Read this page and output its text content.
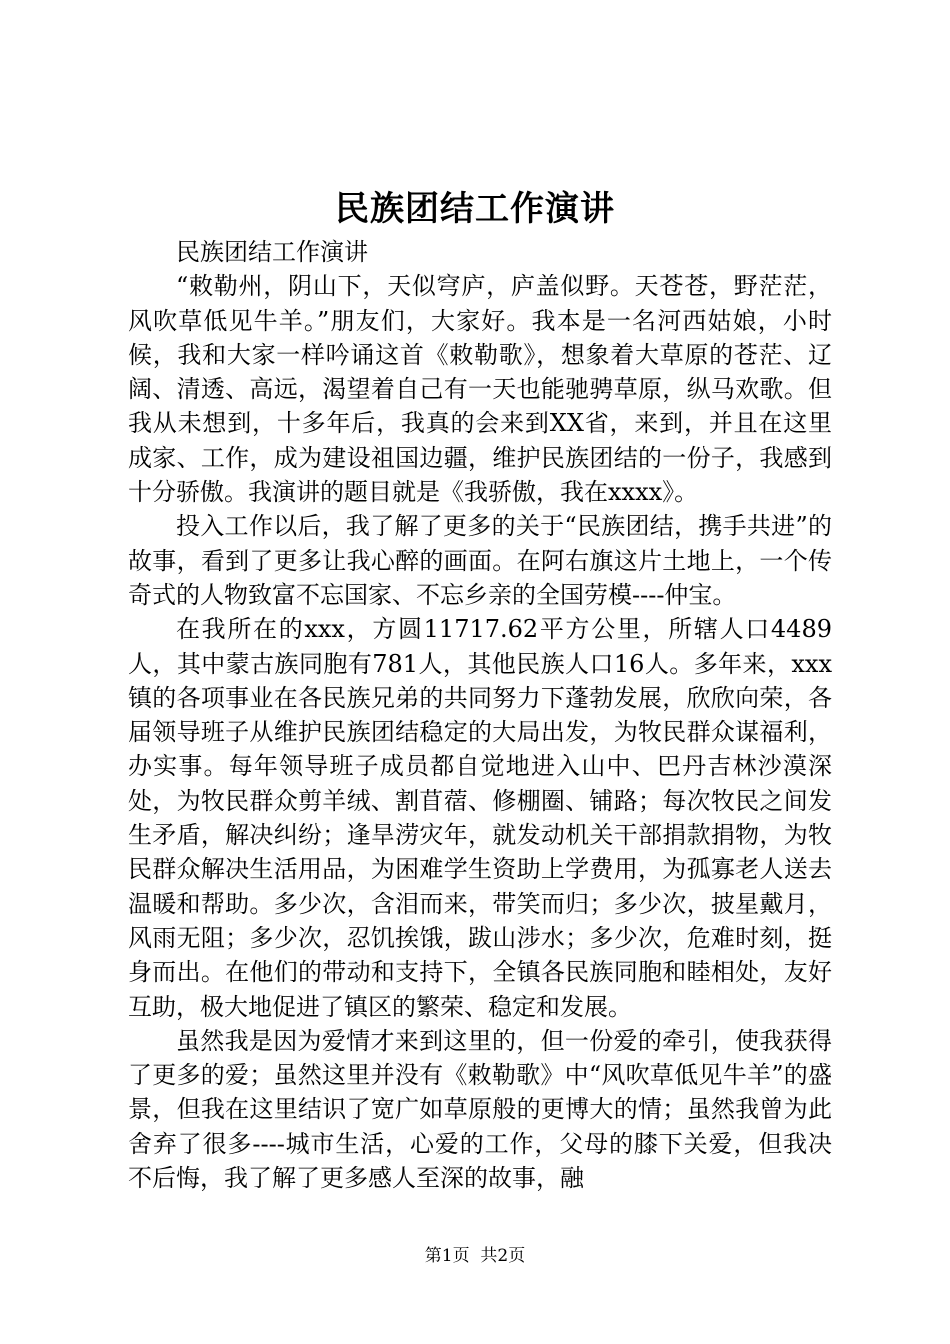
民族团结工作演讲

民族团结工作演讲

“敕勒州，阴山下，天似穹庐，庐盖似野。天苍苍，野茫茫，风吹草低见牛羊。”朋友们，大家好。我本是一名河西姑娘，小时候，我和大家一样吟诵这首《敕勒歌》，想象着大草原的苍茫、辽阔、清透、高远，渴望着自己有一天也能驰骋草原，纵马欢歌。但我从未想到，十多年后，我真的会来到XX省，来到，并且在这里成家、工作，成为建设祖国边疆，维护民族团结的一份子，我感到十分骄傲。我演讲的题目就是《我骄傲，我在xxxx》。

投入工作以后，我了解了更多的关于“民族团结，携手共进”的故事，看到了更多让我心醉的画面。在阿右旗这片土地上，一个传奇式的人物致富不忘国家、不忘乡亲的全国劳模----仲宝。

在我所在的xxx，方圆11717.62平方公里，所辖人口4489人，其中蒙古族同胞有781人，其他民族人口16人。多年来，xxx镇的各项事业在各民族兄弟的共同努力下蓬勃发展，欣欣向荣，各届领导班子从维护民族团结稳定的大局出发，为牧民群众谋福利，办实事。每年领导班子成员都自觉地进入山中、巴丹吉林沙漠深处，为牧民群众剪羊绒、割苜蓿、修棚圈、铺路；每次牧民之间发生矛盾，解决纠纷；逢旱涝灾年，就发动机关干部捐款捐物，为牧民群众解决生活用品，为困难学生资助上学费用，为孤寡老人送去温暖和帮助。多少次，含泪而来，带笑而归；多少次，披星戴月，风雨无阻；多少次，忍饥挨饿，跋山涉水；多少次，危难时刻，挺身而出。在他们的带动和支持下，全镇各民族同胞和睦相处，友好互助，极大地促进了镇区的繁荣、稳定和发展。

虽然我是因为爱情才来到这里的，但一份爱的牵引，使我获得了更多的爱；虽然这里并没有《敕勒歌》中“风吹草低见牛羊”的盛景，但我在这里结识了宽广如草原般的更博大的情；虽然我曾为此舍弃了很多----城市生活，心爱的工作，父母的膝下关爱，但我决不后悔，我了解了更多感人至深的故事，融

第1页  共2页
